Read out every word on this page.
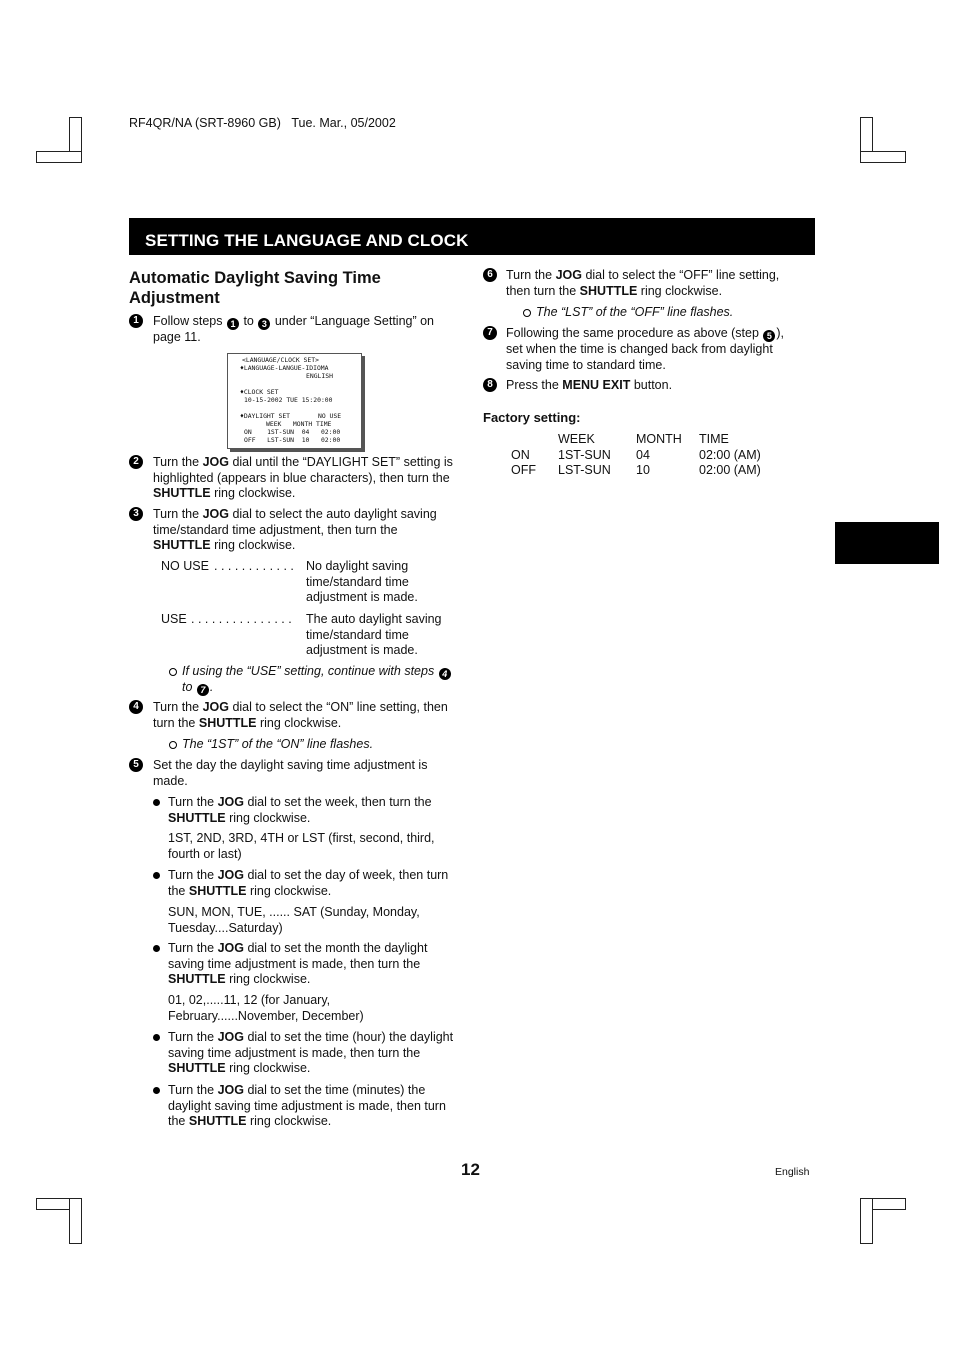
RF4QR/NA (SRT-8960 GB) Tue. Mar., 05/2002
SETTING THE LANGUAGE AND CLOCK
Automatic Daylight Saving Time Adjustment
1	Follow steps 1 to 3 under “Language Setting” on page 11.
<LANGUAGE/CLOCK SET>
♦LANGUAGE-LANGUE-IDIOMA
ENGLISH
♦CLOCK SET
10-15-2002 TUE 15:20:00
♦DAYLIGHT SET	NO USE
WEEK   MONTH TIME
ON    1ST-SUN  04   02:00
OFF   LST-SUN  10   02:00
2	Turn the JOG dial until the “DAYLIGHT SET” setting is highlighted (appears in blue characters), then turn the SHUTTLE ring clockwise.
3	Turn the JOG dial to select the auto daylight saving time/standard time adjustment, then turn the SHUTTLE ring clockwise.
NO USE . . . . . . . . . . . . No daylight saving
time/standard time
adjustment is made.
USE . . . . . . . . . . . . . . . The auto daylight saving
time/standard time
adjustment is made.
If using the “USE” setting, continue with steps 4 to 7 .
4	Turn the JOG dial to select the “ON” line setting, then turn the SHUTTLE ring clockwise.
The “1ST” of the “ON” line flashes.
5	Set the day the daylight saving time adjustment is
made.
Turn the JOG dial to set the week, then turn the SHUTTLE ring clockwise.
1ST, 2ND, 3RD, 4TH or LST (first, second, third,
fourth or last)
Turn the JOG dial to set the day of week, then turn the SHUTTLE ring clockwise.
SUN, MON, TUE, ...... SAT (Sunday, Monday,
Tuesday....Saturday)
Turn the JOG dial to set the month the daylight saving time adjustment is made, then turn the SHUTTLE ring clockwise.
01, 02,.....11, 12 (for January,
February......November, December)
Turn the JOG dial to set the time (hour) the daylight saving time adjustment is made, then turn the SHUTTLE ring clockwise.
Turn the JOG dial to set the time (minutes) the daylight saving time adjustment is made, then turn the SHUTTLE ring clockwise.
6	Turn the JOG dial to select the “OFF” line setting, then turn the SHUTTLE ring clockwise.
The “LST” of the “OFF” line flashes.
7	Following the same procedure as above (step 5 ), set when the time is changed back from daylight saving time to standard time.
8	Press the MENU EXIT button.
Factory setting:
	WEEK	MONTH	TIME
ON	1ST-SUN	04	02:00 (AM)
OFF	LST-SUN	10	02:00 (AM)
12	English
